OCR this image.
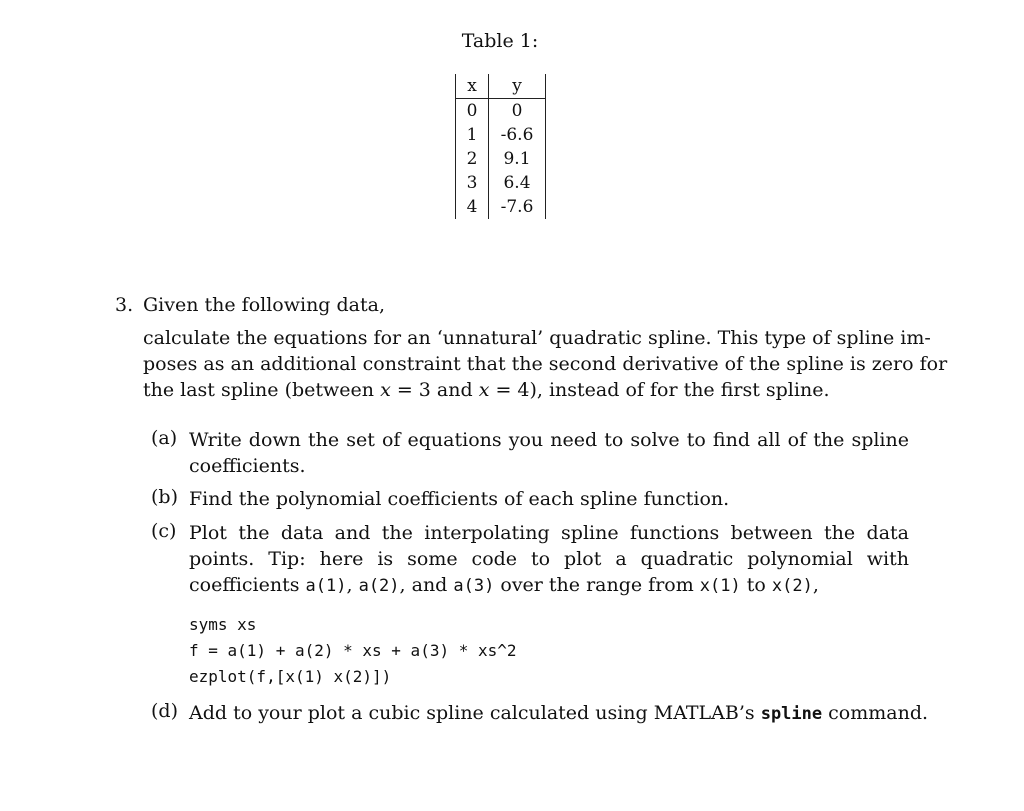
Table 1:
x	y
0	0
1	-6.6
2	9.1
3	6.4
4	-7.6
3. Given the following data,
calculate the equations for an ‘unnatural’ quadratic spline. This type of spline im-
poses as an additional constraint that the second derivative of the spline is zero for
the last spline (between x = 3 and x = 4), instead of for the first spline.
(a) Write down the set of equations you need to solve to find all of the spline coefficients.
(b) Find the polynomial coefficients of each spline function.
(c) Plot the data and the interpolating spline functions between the data points. Tip: here is some code to plot a quadratic polynomial with coefficients a(1), a(2), and a(3) over the range from x(1) to x(2),
syms xs
f = a(1) + a(2) * xs + a(3) * xs^2
ezplot(f,[x(1) x(2)])
(d) Add to your plot a cubic spline calculated using MATLAB’s spline command.
